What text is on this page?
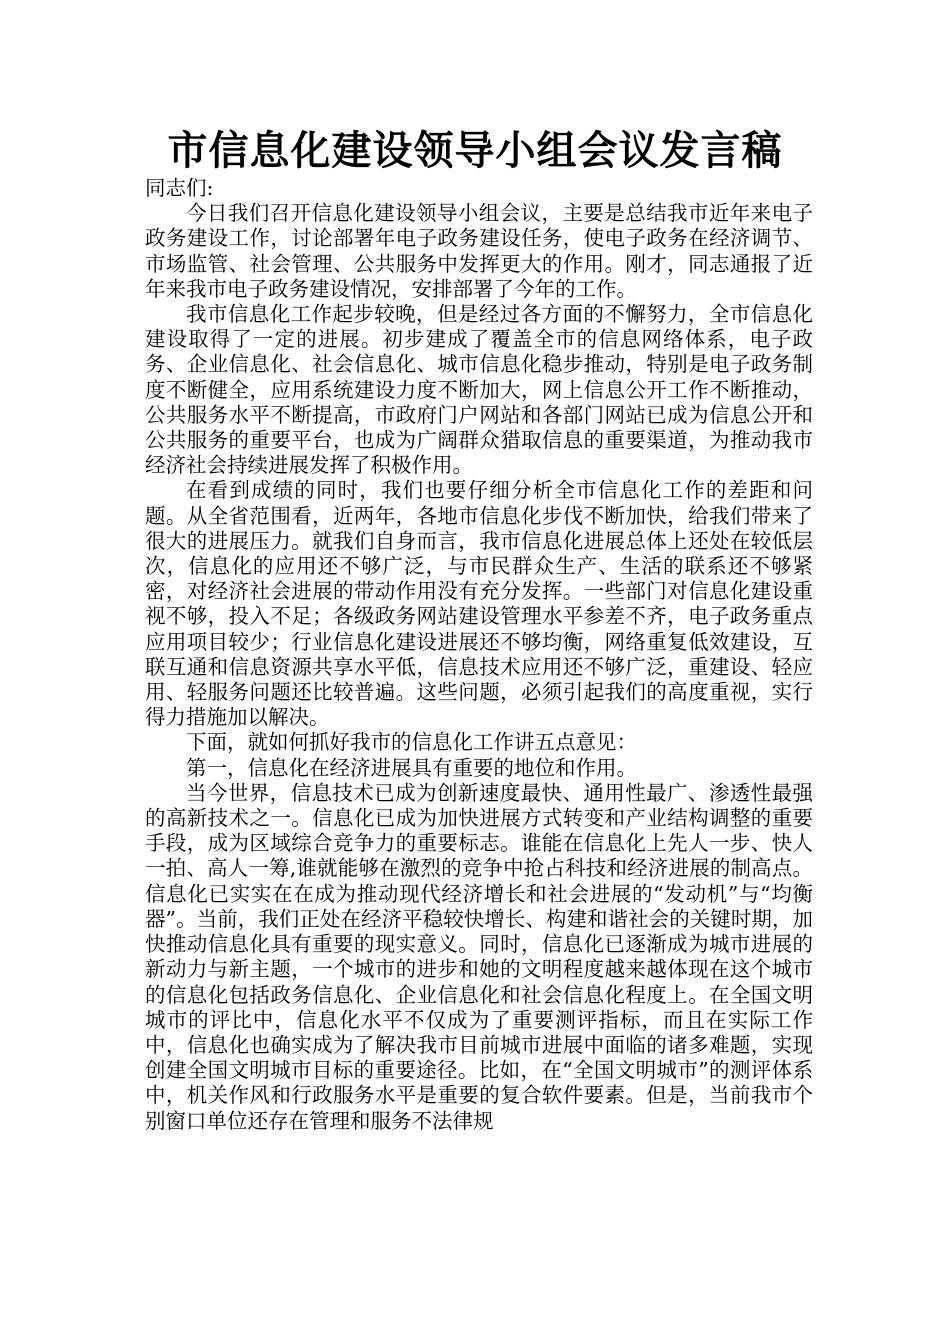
市信息化建设领导小组会议发言稿

同志们:

今日我们召开信息化建设领导小组会议，主要是总结我市近年来电子政务建设工作，讨论部署年电子政务建设任务，使电子政务在经济调节、市场监管、社会管理、公共服务中发挥更大的作用。刚才，同志通报了近年来我市电子政务建设情况，安排部署了今年的工作。

我市信息化工作起步较晚，但是经过各方面的不懈努力，全市信息化建设取得了一定的进展。初步建成了覆盖全市的信息网络体系，电子政务、企业信息化、社会信息化、城市信息化稳步推动，特别是电子政务制度不断健全，应用系统建设力度不断加大，网上信息公开工作不断推动，公共服务水平不断提高，市政府门户网站和各部门网站已成为信息公开和公共服务的重要平台，也成为广阔群众猎取信息的重要渠道，为推动我市经济社会持续进展发挥了积极作用。

在看到成绩的同时，我们也要仔细分析全市信息化工作的差距和问题。从全省范围看，近两年，各地市信息化步伐不断加快，给我们带来了很大的进展压力。就我们自身而言，我市信息化进展总体上还处在较低层次，信息化的应用还不够广泛，与市民群众生产、生活的联系还不够紧密，对经济社会进展的带动作用没有充分发挥。一些部门对信息化建设重视不够，投入不足；各级政务网站建设管理水平参差不齐，电子政务重点应用项目较少；行业信息化建设进展还不够均衡，网络重复低效建设，互联互通和信息资源共享水平低，信息技术应用还不够广泛，重建设、轻应用、轻服务问题还比较普遍。这些问题，必须引起我们的高度重视，实行得力措施加以解决。

下面，就如何抓好我市的信息化工作讲五点意见：

第一，信息化在经济进展具有重要的地位和作用。

当今世界，信息技术已成为创新速度最快、通用性最广、渗透性最强的高新技术之一。信息化已成为加快进展方式转变和产业结构调整的重要手段，成为区域综合竞争力的重要标志。谁能在信息化上先人一步、快人一拍、高人一筹,谁就能够在激烈的竞争中抢占科技和经济进展的制高点。信息化已实实在在成为推动现代经济增长和社会进展的“发动机”与“均衡器”。当前，我们正处在经济平稳较快增长、构建和谐社会的关键时期，加快推动信息化具有重要的现实意义。同时，信息化已逐渐成为城市进展的新动力与新主题，一个城市的进步和她的文明程度越来越体现在这个城市的信息化包括政务信息化、企业信息化和社会信息化程度上。在全国文明城市的评比中，信息化水平不仅成为了重要测评指标，而且在实际工作中，信息化也确实成为了解决我市目前城市进展中面临的诸多难题，实现创建全国文明城市目标的重要途径。比如，在“全国文明城市”的测评体系中，机关作风和行政服务水平是重要的复合软件要素。但是，当前我市个别窗口单位还存在管理和服务不法律规
